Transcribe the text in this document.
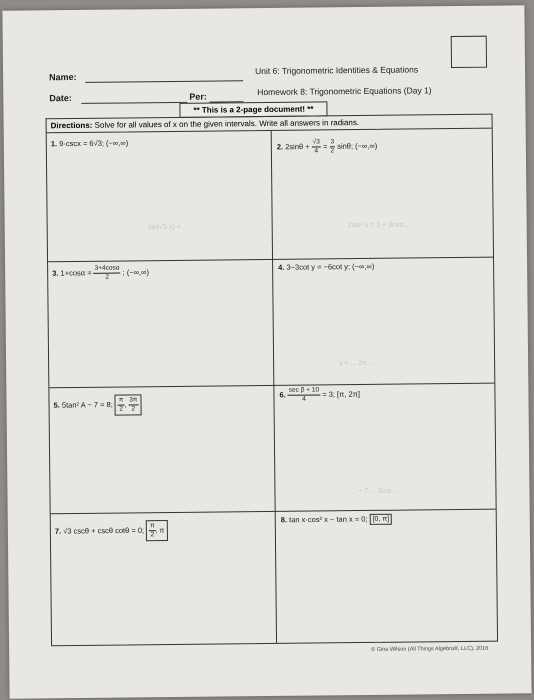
Name:
Date:	Per:
Unit 6: Trigonometric Identities & Equations
Homework 8: Trigonometric Equations (Day 1)
** This is a 2-page document! **
Directions: Solve for all values of x on the given intervals. Write all answers in radians.
sin(√3·x) + ...	2sin² x = 1 + 3cos...
x = ... 2π ...
... − 7 ... 2cot...
1. 9·cscx = 6√3; (−∞,∞)	2. $2\sin\theta + \frac{√3}{4} = \frac{3}{2} \sin\theta$; (−∞,∞)
3. $1+\cos\alpha = \frac{3+4\cos\alpha}{2}$ ; (−∞,∞)
4. 3−3cot y = −6cot y; (−∞,∞)
5. 5tan² A − 7 = 8; $\frac{\pi}{2}$ , $\frac{3\pi}{2}$
6. $\frac{\text{sec β + 10}}{4} = 3$; [π, 2π]
7. √3 cscθ + cscθ cotθ = 0; $\frac{\pi}{2}$ , π
8. tan x·cos² x − tan x = 0; [0, π]
© Gina Wilson (All Things Algebra®, LLC), 2016
